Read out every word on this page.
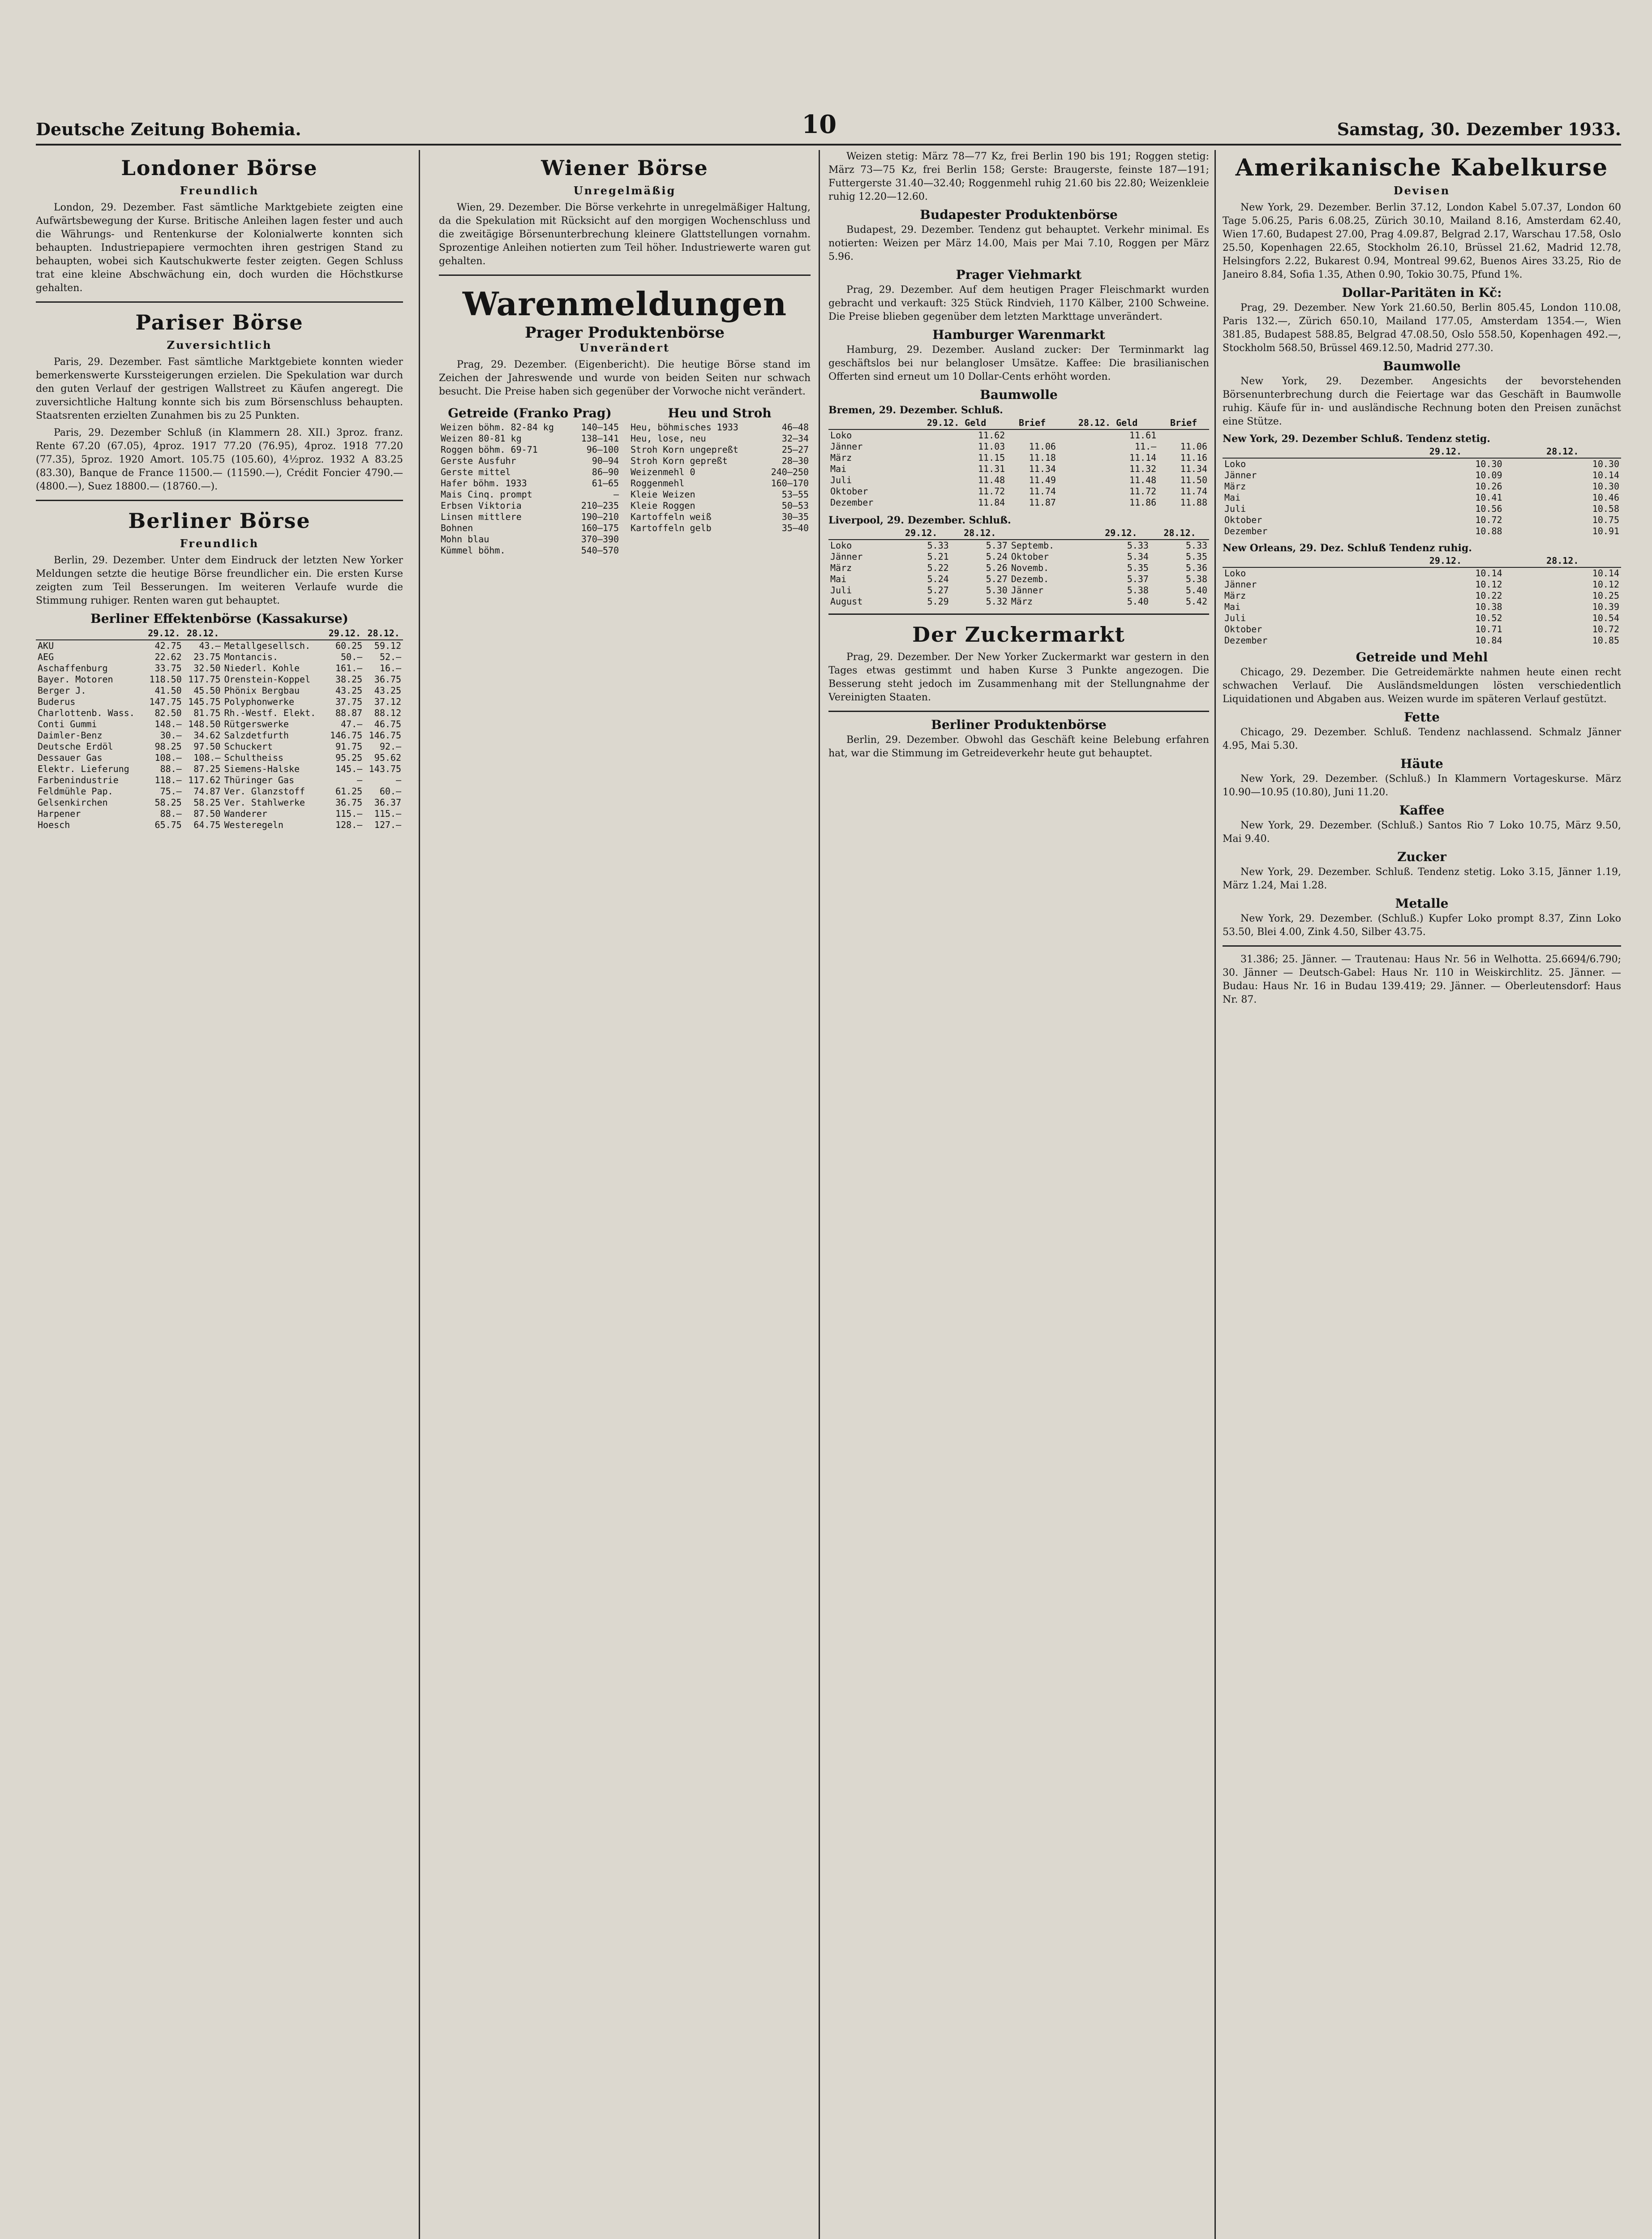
Deutsche Zeitung Bohemia.	10	Samstag, 30. Dezember 1933.
Londoner Börse
Freundlich

London, 29. Dezember. Fast sämtliche Marktgebiete zeigten eine Aufwärtsbewegung der Kurse. Britische Anleihen lagen fester und auch die Währungs- und Rentenkurse der Kolonialwerte konnten sich behaupten. Industriepapiere vermochten ihren gestrigen Stand zu behaupten, wobei sich Kautschukwerte fester zeigten. Gegen Schluss trat eine kleine Abschwächung ein, doch wurden die Höchstkurse gehalten.

Pariser Börse
Zuversichtlich

Paris, 29. Dezember. Fast sämtliche Marktgebiete konnten wieder bemerkenswerte Kurssteigerungen erzielen. Die Spekulation war durch den guten Verlauf der gestrigen Wallstreet zu Käufen angeregt. Die zuversichtliche Haltung konnte sich bis zum Börsenschluss behaupten. Staatsrenten erzielten Zunahmen bis zu 25 Punkten.

Paris, 29. Dezember Schluß (in Klammern 28. XII.) 3proz. franz. Rente 67.20 (67.05), 4proz. 1917 77.20 (76.95), 4proz. 1918 77.20 (77.35), 5proz. 1920 Amort. 105.75 (105.60), 4½proz. 1932 A 83.25 (83.30), Banque de France 11500.— (11590.—), Crédit Foncier 4790.— (4800.—), Suez 18800.— (18760.—).

Berliner Börse
Freundlich

Berlin, 29. Dezember. Unter dem Eindruck der letzten New Yorker Meldungen setzte die heutige Börse freundlicher ein. Die ersten Kurse zeigten zum Teil Besserungen. Im weiteren Verlaufe wurde die Stimmung ruhiger. Renten waren gut behauptet.

Berliner Effektenbörse (Kassakurse)
	29.12.	28.12.		29.12.	28.12.
AKU	42.75	43.—	Metallgesellsch.	60.25	59.12
AEG	22.62	23.75	Montancis.	50.—	52.—
Aschaffenburg	33.75	32.50	Niederl. Kohle	161.—	16.—
Bayer. Motoren	118.50	117.75	Orenstein-Koppel	38.25	36.75
Berger J.	41.50	45.50	Phönix Bergbau	43.25	43.25
Buderus	147.75	145.75	Polyphonwerke	37.75	37.12
Charlottenb. Wass.	82.50	81.75	Rh.-Westf. Elekt.	88.87	88.12
Conti Gummi	148.—	148.50	Rütgerswerke	47.—	46.75
Daimler-Benz	30.—	34.62	Salzdetfurth	146.75	146.75
Deutsche Erdöl	98.25	97.50	Schuckert	91.75	92.—
Dessauer Gas	108.—	108.—	Schultheiss	95.25	95.62
Elektr. Lieferung	88.—	87.25	Siemens-Halske	145.—	143.75
Farbenindustrie	118.—	117.62	Thüringer Gas	—	—
Feldmühle Pap.	75.—	74.87	Ver. Glanzstoff	61.25	60.—
Gelsenkirchen	58.25	58.25	Ver. Stahlwerke	36.75	36.37
Harpener	88.—	87.50	Wanderer	115.—	115.—
Hoesch	65.75	64.75	Westeregeln	128.—	127.—
Wiener Börse
Unregelmäßig

Wien, 29. Dezember. Die Börse verkehrte in unregelmäßiger Haltung, da die Spekulation mit Rücksicht auf den morgigen Wochenschluss und die zweitägige Börsenunterbrechung kleinere Glattstellungen vornahm. Sprozentige Anleihen notierten zum Teil höher. Industriewerte waren gut gehalten.

Warenmeldungen
Prager Produktenbörse
Unverändert

Prag, 29. Dezember. (Eigenbericht). Die heutige Börse stand im Zeichen der Jahreswende und wurde von beiden Seiten nur schwach besucht. Die Preise haben sich gegenüber der Vorwoche nicht verändert.

Getreide (Franko Prag)
Weizen böhm. 82-84 kg	140—145
Weizen 80-81 kg	138—141
Roggen böhm. 69-71	96—100
Gerste Ausfuhr	90—94
Gerste mittel	86—90
Hafer böhm. 1933	61—65
Mais Cinq. prompt	—
Erbsen Viktoria	210—235
Linsen mittlere	190—210
Bohnen	160—175
Mohn blau	370—390
Kümmel böhm.	540—570
Heu und Stroh
Heu, böhmisches 1933	46—48
Heu, lose, neu	32—34
Stroh Korn ungepreßt	25—27
Stroh Korn gepreßt	28—30
Weizenmehl 0	240—250
Roggenmehl	160—170
Kleie Weizen	53—55
Kleie Roggen	50—53
Kartoffeln weiß	30—35
Kartoffeln gelb	35—40

Weizen stetig: März 78—77 Kz, frei Berlin 190 bis 191; Roggen stetig: März 73—75 Kz, frei Berlin 158; Gerste: Braugerste, feinste 187—191; Futtergerste 31.40—32.40; Roggenmehl ruhig 21.60 bis 22.80; Weizenkleie ruhig 12.20—12.60.

Budapester Produktenbörse

Budapest, 29. Dezember. Tendenz gut behauptet. Verkehr minimal. Es notierten: Weizen per März 14.00, Mais per Mai 7.10, Roggen per März 5.96.

Prager Viehmarkt

Prag, 29. Dezember. Auf dem heutigen Prager Fleischmarkt wurden gebracht und verkauft: 325 Stück Rindvieh, 1170 Kälber, 2100 Schweine. Die Preise blieben gegenüber dem letzten Markttage unverändert.

Hamburger Warenmarkt

Hamburg, 29. Dezember. Ausland zucker: Der Terminmarkt lag geschäftslos bei nur belangloser Umsätze. Kaffee: Die brasilianischen Offerten sind erneut um 10 Dollar-Cents erhöht worden.

Baumwolle
Bremen, 29. Dezember. Schluß.
	29.12. Geld	Brief	28.12. Geld	Brief
Loko	11.62		11.61	
Jänner	11.03	11.06	11.—	11.06
März	11.15	11.18	11.14	11.16
Mai	11.31	11.34	11.32	11.34
Juli	11.48	11.49	11.48	11.50
Oktober	11.72	11.74	11.72	11.74
Dezember	11.84	11.87	11.86	11.88
Liverpool, 29. Dezember. Schluß.
	29.12.	28.12.		29.12.	28.12.
Loko	5.33	5.37	Septemb.	5.33	5.33
Jänner	5.21	5.24	Oktober	5.34	5.35
März	5.22	5.26	Novemb.	5.35	5.36
Mai	5.24	5.27	Dezemb.	5.37	5.38
Juli	5.27	5.30	Jänner	5.38	5.40
August	5.29	5.32	März	5.40	5.42
Der Zuckermarkt

Prag, 29. Dezember. Der New Yorker Zuckermarkt war gestern in den Tages etwas gestimmt und haben Kurse 3 Punkte angezogen. Die Besserung steht jedoch im Zusammenhang mit der Stellungnahme der Vereinigten Staaten.

Berliner Produktenbörse

Berlin, 29. Dezember. Obwohl das Geschäft keine Belebung erfahren hat, war die Stimmung im Getreideverkehr heute gut behauptet.

Amerikanische Kabelkurse
Devisen

New York, 29. Dezember. Berlin 37.12, London Kabel 5.07.37, London 60 Tage 5.06.25, Paris 6.08.25, Zürich 30.10, Mailand 8.16, Amsterdam 62.40, Wien 17.60, Budapest 27.00, Prag 4.09.87, Belgrad 2.17, Warschau 17.58, Oslo 25.50, Kopenhagen 22.65, Stockholm 26.10, Brüssel 21.62, Madrid 12.78, Helsingfors 2.22, Bukarest 0.94, Montreal 99.62, Buenos Aires 33.25, Rio de Janeiro 8.84, Sofia 1.35, Athen 0.90, Tokio 30.75, Pfund 1%.

Dollar-Paritäten in Kč:

Prag, 29. Dezember. New York 21.60.50, Berlin 805.45, London 110.08, Paris 132.—, Zürich 650.10, Mailand 177.05, Amsterdam 1354.—, Wien 381.85, Budapest 588.85, Belgrad 47.08.50, Oslo 558.50, Kopenhagen 492.—, Stockholm 568.50, Brüssel 469.12.50, Madrid 277.30.

Baumwolle

New York, 29. Dezember. Angesichts der bevorstehenden Börsenunterbrechung durch die Feiertage war das Geschäft in Baumwolle ruhig. Käufe für in- und ausländische Rechnung boten den Preisen zunächst eine Stütze.

New York, 29. Dezember Schluß. Tendenz stetig.
	29.12.	28.12.
Loko	10.30	10.30
Jänner	10.09	10.14
März	10.26	10.30
Mai	10.41	10.46
Juli	10.56	10.58
Oktober	10.72	10.75
Dezember	10.88	10.91
New Orleans, 29. Dez. Schluß Tendenz ruhig.
	29.12.	28.12.
Loko	10.14	10.14
Jänner	10.12	10.12
März	10.22	10.25
Mai	10.38	10.39
Juli	10.52	10.54
Oktober	10.71	10.72
Dezember	10.84	10.85
Getreide und Mehl

Chicago, 29. Dezember. Die Getreidemärkte nahmen heute einen recht schwachen Verlauf. Die Ausländsmeldungen lösten verschiedentlich Liquidationen und Abgaben aus. Weizen wurde im späteren Verlauf gestützt.

Fette

Chicago, 29. Dezember. Schluß. Tendenz nachlassend. Schmalz Jänner 4.95, Mai 5.30.

Häute

New York, 29. Dezember. (Schluß.) In Klammern Vortageskurse. März 10.90—10.95 (10.80), Juni 11.20.

Kaffee

New York, 29. Dezember. (Schluß.) Santos Rio 7 Loko 10.75, März 9.50, Mai 9.40.

Zucker

New York, 29. Dezember. Schluß. Tendenz stetig. Loko 3.15, Jänner 1.19, März 1.24, Mai 1.28.

Metalle

New York, 29. Dezember. (Schluß.) Kupfer Loko prompt 8.37, Zinn Loko 53.50, Blei 4.00, Zink 4.50, Silber 43.75.

31.386; 25. Jänner. — Trautenau: Haus Nr. 56 in Welhotta. 25.6694/6.790; 30. Jänner — Deutsch-Gabel: Haus Nr. 110 in Weiskirchlitz. 25. Jänner. — Budau: Haus Nr. 16 in Budau 139.419; 29. Jänner. — Oberleutensdorf: Haus Nr. 87.
